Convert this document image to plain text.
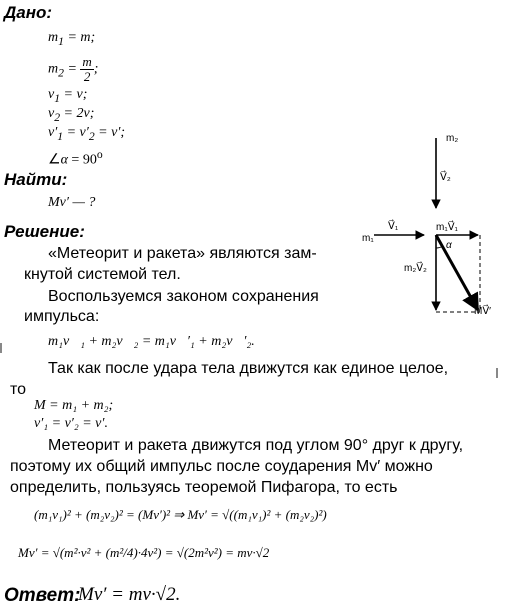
Дано:
$m_1 = m$;
$m_2 = \frac{m}{2}$ ;
$v_1 = v$;
$v_2 = 2v$;
$v'_1 = v'_2 = v'$;
∠α = $90^o$
Найти:
Mv′ — ?
Решение:
«Метеорит и ракета» являются зам-
кнутой системой тел.
Воспользуемся законом сохранения
импульса:
m₁v⃗₁ + m₂v⃗₂ = m₁v⃗′₁ + m₂v⃗′₂.
Так как после удара тела движутся как единое целое,
то
M = m₁ + m₂;
v′₁ = v′₂ = v′.
Метеорит и ракета движутся под углом 90° друг к другу,
поэтому их общий импульс после соударения Mv′ можно
определить, пользуясь теоремой Пифагора, то есть
(m₁v₁)² + (m₂v₂)² = (Mv′)² ⇒ Mv′ = √((m₁v₁)² + (m₂v₂)²)
Mv′ = √(m²·v² + (m²/4)·4v²) = √(2m²v²) = mv·√2
Ответ:
Mv′ = mv·√2.
m₂
V⃗₂
m₁
V⃗₁	m₁V⃗₁
α
m₂V⃗₂
MV⃗′
